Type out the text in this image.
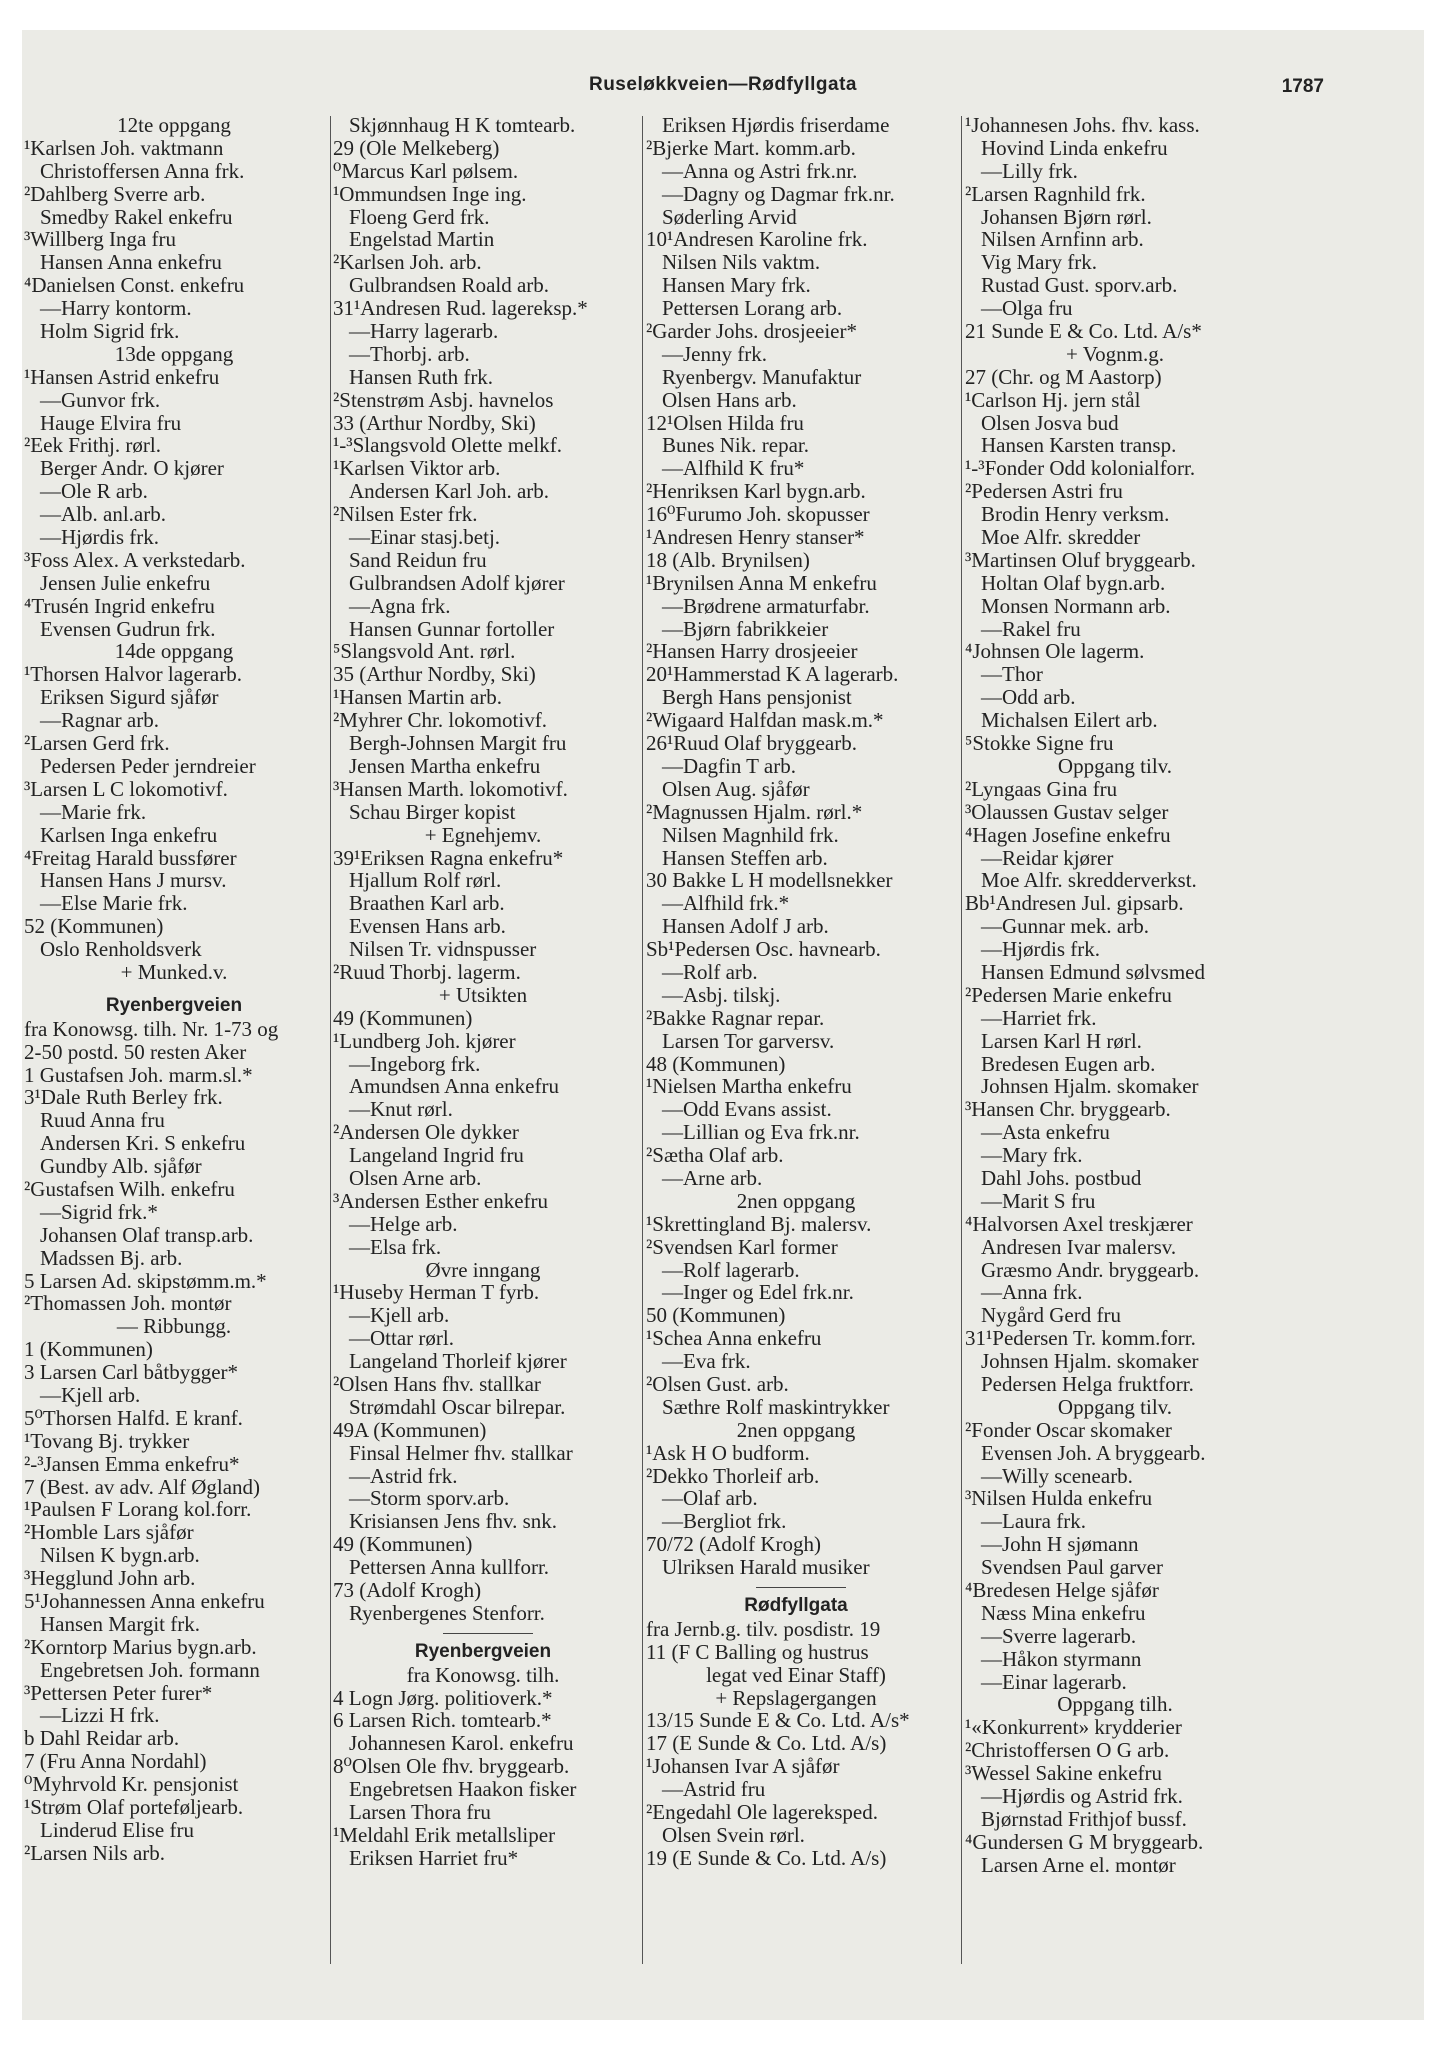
Ruseløkkveien—Rødfyllgata	1787
12te oppgang
¹Karlsen Joh. vaktmann
Christoffersen Anna frk.
²Dahlberg Sverre arb.
Smedby Rakel enkefru
³Willberg Inga fru
Hansen Anna enkefru
⁴Danielsen Const. enkefru
—Harry kontorm.
Holm Sigrid frk.
13de oppgang
¹Hansen Astrid enkefru
—Gunvor frk.
Hauge Elvira fru
²Eek Frithj. rørl.
Berger Andr. O kjører
—Ole R arb.
—Alb. anl.arb.
—Hjørdis frk.
³Foss Alex. A verkstedarb.
Jensen Julie enkefru
⁴Trusén Ingrid enkefru
Evensen Gudrun frk.
14de oppgang
¹Thorsen Halvor lagerarb.
Eriksen Sigurd sjåfør
—Ragnar arb.
²Larsen Gerd frk.
Pedersen Peder jerndreier
³Larsen L C lokomotivf.
—Marie frk.
Karlsen Inga enkefru
⁴Freitag Harald bussfører
Hansen Hans J mursv.
—Else Marie frk.
52 (Kommunen)
Oslo Renholdsverk
+ Munked.v.
Ryenbergveien
fra Konowsg. tilh. Nr. 1-73 og
2-50 postd. 50 resten Aker
1 Gustafsen Joh. marm.sl.*
3¹Dale Ruth Berley frk.
Ruud Anna fru
Andersen Kri. S enkefru
Gundby Alb. sjåfør
²Gustafsen Wilh. enkefru
—Sigrid frk.*
Johansen Olaf transp.arb.
Madssen Bj. arb.
5 Larsen Ad. skipstømm.m.*
²Thomassen Joh. montør
— Ribbungg.
1 (Kommunen)
3 Larsen Carl båtbygger*
—Kjell arb.
5⁰Thorsen Halfd. E kranf.
¹Tovang Bj. trykker
²-³Jansen Emma enkefru*
7 (Best. av adv. Alf Øgland)
¹Paulsen F Lorang kol.forr.
²Homble Lars sjåfør
Nilsen K bygn.arb.
³Hegglund John arb.
5¹Johannessen Anna enkefru
Hansen Margit frk.
²Korntorp Marius bygn.arb.
Engebretsen Joh. formann
³Pettersen Peter furer*
—Lizzi H frk.
b Dahl Reidar arb.
7 (Fru Anna Nordahl)
⁰Myhrvold Kr. pensjonist
¹Strøm Olaf porteføljearb.
Linderud Elise fru
²Larsen Nils arb.
Skjønnhaug H K tomtearb.
29 (Ole Melkeberg)
⁰Marcus Karl pølsem.
¹Ommundsen Inge ing.
Floeng Gerd frk.
Engelstad Martin
²Karlsen Joh. arb.
Gulbrandsen Roald arb.
31¹Andresen Rud. lagereksp.*
—Harry lagerarb.
—Thorbj. arb.
Hansen Ruth frk.
²Stenstrøm Asbj. havnelos
33 (Arthur Nordby, Ski)
¹-³Slangsvold Olette melkf.
¹Karlsen Viktor arb.
Andersen Karl Joh. arb.
²Nilsen Ester frk.
—Einar stasj.betj.
Sand Reidun fru
Gulbrandsen Adolf kjører
—Agna frk.
Hansen Gunnar fortoller
⁵Slangsvold Ant. rørl.
35 (Arthur Nordby, Ski)
¹Hansen Martin arb.
²Myhrer Chr. lokomotivf.
Bergh-Johnsen Margit fru
Jensen Martha enkefru
³Hansen Marth. lokomotivf.
Schau Birger kopist
+ Egnehjemv.
39¹Eriksen Ragna enkefru*
Hjallum Rolf rørl.
Braathen Karl arb.
Evensen Hans arb.
Nilsen Tr. vidnspusser
²Ruud Thorbj. lagerm.
+ Utsikten
49 (Kommunen)
¹Lundberg Joh. kjører
—Ingeborg frk.
Amundsen Anna enkefru
—Knut rørl.
²Andersen Ole dykker
Langeland Ingrid fru
Olsen Arne arb.
³Andersen Esther enkefru
—Helge arb.
—Elsa frk.
Øvre inngang
¹Huseby Herman T fyrb.
—Kjell arb.
—Ottar rørl.
Langeland Thorleif kjører
²Olsen Hans fhv. stallkar
Strømdahl Oscar bilrepar.
49A (Kommunen)
Finsal Helmer fhv. stallkar
—Astrid frk.
—Storm sporv.arb.
Krisiansen Jens fhv. snk.
49 (Kommunen)
Pettersen Anna kullforr.
73 (Adolf Krogh)
Ryenbergenes Stenforr.
Ryenbergveien
fra Konowsg. tilh.
4 Logn Jørg. politioverk.*
6 Larsen Rich. tomtearb.*
Johannesen Karol. enkefru
8⁰Olsen Ole fhv. bryggearb.
Engebretsen Haakon fisker
Larsen Thora fru
¹Meldahl Erik metallsliper
Eriksen Harriet fru*
Eriksen Hjørdis friserdame
²Bjerke Mart. komm.arb.
—Anna og Astri frk.nr.
—Dagny og Dagmar frk.nr.
Søderling Arvid
10¹Andresen Karoline frk.
Nilsen Nils vaktm.
Hansen Mary frk.
Pettersen Lorang arb.
²Garder Johs. drosjeeier*
—Jenny frk.
Ryenbergv. Manufaktur
Olsen Hans arb.
12¹Olsen Hilda fru
Bunes Nik. repar.
—Alfhild K fru*
²Henriksen Karl bygn.arb.
16⁰Furumo Joh. skopusser
¹Andresen Henry stanser*
18 (Alb. Brynilsen)
¹Brynilsen Anna M enkefru
—Brødrene armaturfabr.
—Bjørn fabrikkeier
²Hansen Harry drosjeeier
20¹Hammerstad K A lagerarb.
Bergh Hans pensjonist
²Wigaard Halfdan mask.m.*
26¹Ruud Olaf bryggearb.
—Dagfin T arb.
Olsen Aug. sjåfør
²Magnussen Hjalm. rørl.*
Nilsen Magnhild frk.
Hansen Steffen arb.
30 Bakke L H modellsnekker
—Alfhild frk.*
Hansen Adolf J arb.
Sb¹Pedersen Osc. havnearb.
—Rolf arb.
—Asbj. tilskj.
²Bakke Ragnar repar.
Larsen Tor garversv.
48 (Kommunen)
¹Nielsen Martha enkefru
—Odd Evans assist.
—Lillian og Eva frk.nr.
²Sætha Olaf arb.
—Arne arb.
2nen oppgang
¹Skrettingland Bj. malersv.
²Svendsen Karl former
—Rolf lagerarb.
—Inger og Edel frk.nr.
50 (Kommunen)
¹Schea Anna enkefru
—Eva frk.
²Olsen Gust. arb.
Sæthre Rolf maskintrykker
2nen oppgang
¹Ask H O budform.
²Dekko Thorleif arb.
—Olaf arb.
—Bergliot frk.
70/72 (Adolf Krogh)
Ulriksen Harald musiker
Rødfyllgata
fra Jernb.g. tilv. posdistr. 19
11 (F C Balling og hustrus
legat ved Einar Staff)
+ Repslagergangen
13/15 Sunde E & Co. Ltd. A/s*
17 (E Sunde & Co. Ltd. A/s)
¹Johansen Ivar A sjåfør
—Astrid fru
²Engedahl Ole lagereksped.
Olsen Svein rørl.
19 (E Sunde & Co. Ltd. A/s)
¹Johannesen Johs. fhv. kass.
Hovind Linda enkefru
—Lilly frk.
²Larsen Ragnhild frk.
Johansen Bjørn rørl.
Nilsen Arnfinn arb.
Vig Mary frk.
Rustad Gust. sporv.arb.
—Olga fru
21 Sunde E & Co. Ltd. A/s*
+ Vognm.g.
27 (Chr. og M Aastorp)
¹Carlson Hj. jern stål
Olsen Josva bud
Hansen Karsten transp.
¹-³Fonder Odd kolonialforr.
²Pedersen Astri fru
Brodin Henry verksm.
Moe Alfr. skredder
³Martinsen Oluf bryggearb.
Holtan Olaf bygn.arb.
Monsen Normann arb.
—Rakel fru
⁴Johnsen Ole lagerm.
—Thor
—Odd arb.
Michalsen Eilert arb.
⁵Stokke Signe fru
Oppgang tilv.
²Lyngaas Gina fru
³Olaussen Gustav selger
⁴Hagen Josefine enkefru
—Reidar kjører
Moe Alfr. skredderverkst.
Bb¹Andresen Jul. gipsarb.
—Gunnar mek. arb.
—Hjørdis frk.
Hansen Edmund sølvsmed
²Pedersen Marie enkefru
—Harriet frk.
Larsen Karl H rørl.
Bredesen Eugen arb.
Johnsen Hjalm. skomaker
³Hansen Chr. bryggearb.
—Asta enkefru
—Mary frk.
Dahl Johs. postbud
—Marit S fru
⁴Halvorsen Axel treskjærer
Andresen Ivar malersv.
Græsmo Andr. bryggearb.
—Anna frk.
Nygård Gerd fru
31¹Pedersen Tr. komm.forr.
Johnsen Hjalm. skomaker
Pedersen Helga fruktforr.
Oppgang tilv.
²Fonder Oscar skomaker
Evensen Joh. A bryggearb.
—Willy scenearb.
³Nilsen Hulda enkefru
—Laura frk.
—John H sjømann
Svendsen Paul garver
⁴Bredesen Helge sjåfør
Næss Mina enkefru
—Sverre lagerarb.
—Håkon styrmann
—Einar lagerarb.
Oppgang tilh.
¹«Konkurrent» krydderier
²Christoffersen O G arb.
³Wessel Sakine enkefru
—Hjørdis og Astrid frk.
Bjørnstad Frithjof bussf.
⁴Gundersen G M bryggearb.
Larsen Arne el. montør
